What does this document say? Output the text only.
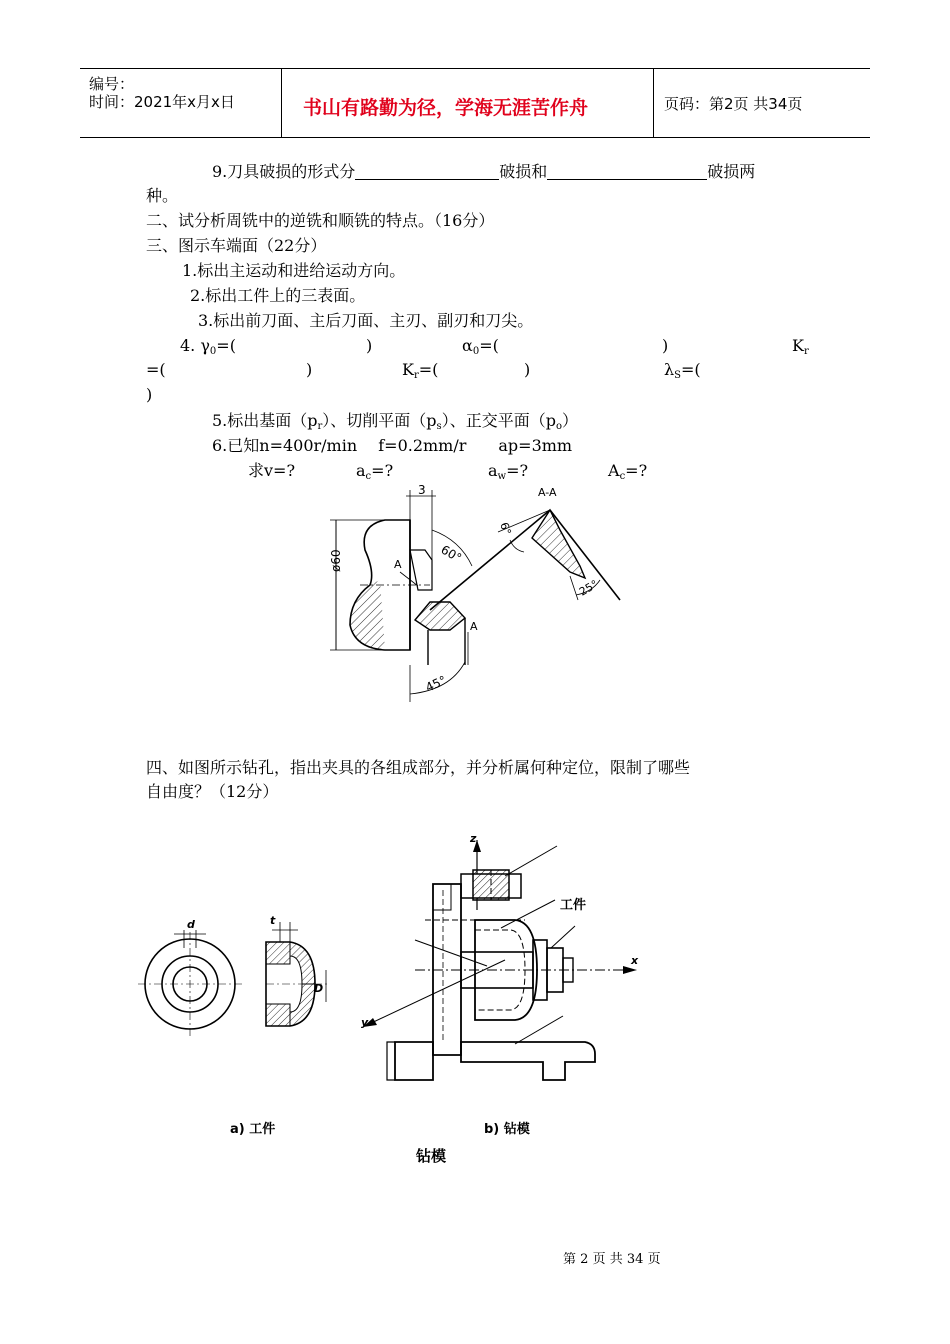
编号：
时间：2021年x月x日	书山有路勤为径，学海无涯苦作舟	页码：第2页 共34页
9.刀具破损的形式分	破损和	破损两
种。
二、试分析周铣中的逆铣和顺铣的特点。（16分）
三、图示车端面（22分）
1.标出主运动和进给运动方向。
2.标出工件上的三表面。
3.标出前刀面、主后刀面、主刃、副刃和刀尖。
4. $\gamma_0=$(	)	$\alpha_0=$(	)	$K_r$
=(	)	$K_r=$(	)	$\lambda_S=$(
)
5.标出基面$(p_r)$、切削平面$(p_s)$、正交平面$(p_o)$
6.已知n=400r/min　 f=0.2mm/r　　ap=3mm
求v=?	$a_c=$?	$a_w=$?	$A_c=$?
ø60
3
60°
A
A
45°
A-A
6°
25°
四、如图所示钻孔，指出夹具的各组成部分，并分析属何种定位，限制了哪些
自由度？（12分）
d	t
D
a) 工件
z
x
y
工件
b) 钻模
钻模
第 2 页 共 34 页
